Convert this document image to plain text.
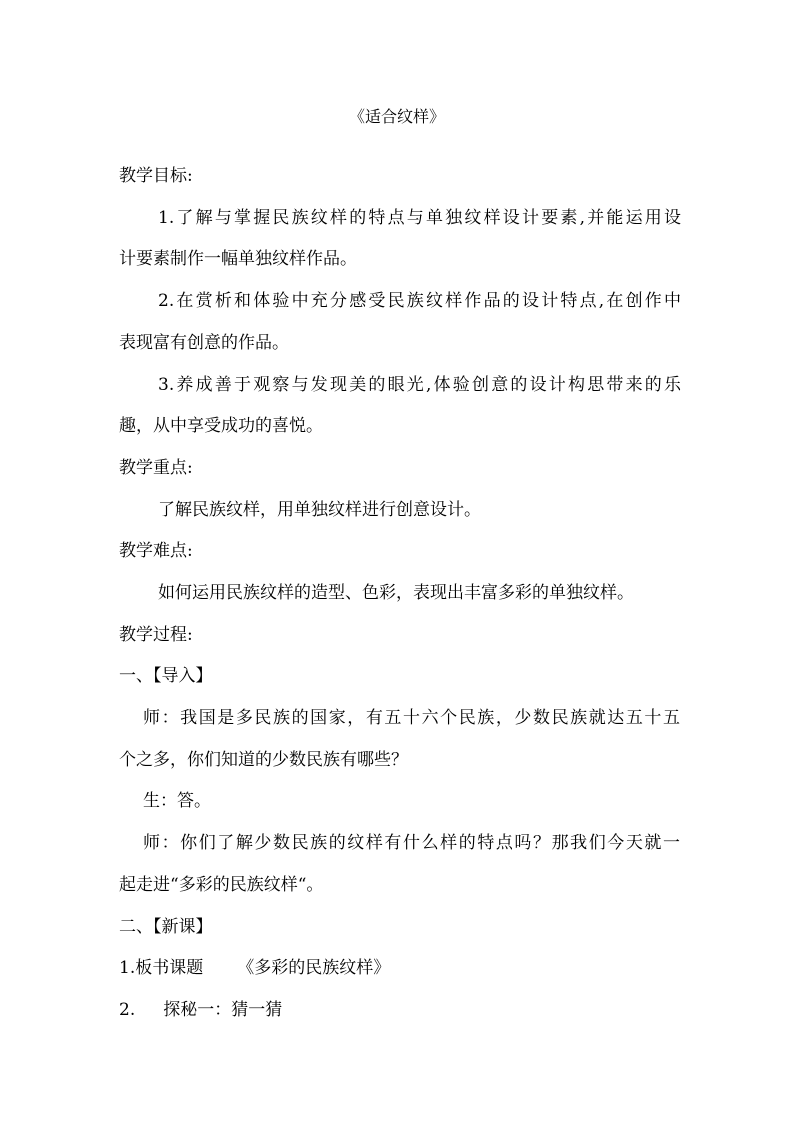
《适合纹样》
教学目标:
1.了解与掌握民族纹样的特点与单独纹样设计要素,并能运用设
计要素制作一幅单独纹样作品。
2.在赏析和体验中充分感受民族纹样作品的设计特点,在创作中
表现富有创意的作品。
3.养成善于观察与发现美的眼光,体验创意的设计构思带来的乐
趣，从中享受成功的喜悦。
教学重点:
了解民族纹样，用单独纹样进行创意设计。
教学难点:
如何运用民族纹样的造型、色彩，表现出丰富多彩的单独纹样。
教学过程:
一、【导入】
师：我国是多民族的国家，有五十六个民族，少数民族就达五十五
个之多，你们知道的少数民族有哪些？
生：答。
师：你们了解少数民族的纹样有什么样的特点吗？那我们今天就一
起走进“多彩的民族纹样“。
二、【新课】
1.板书课题 《多彩的民族纹样》
2. 探秘一：猜一猜
